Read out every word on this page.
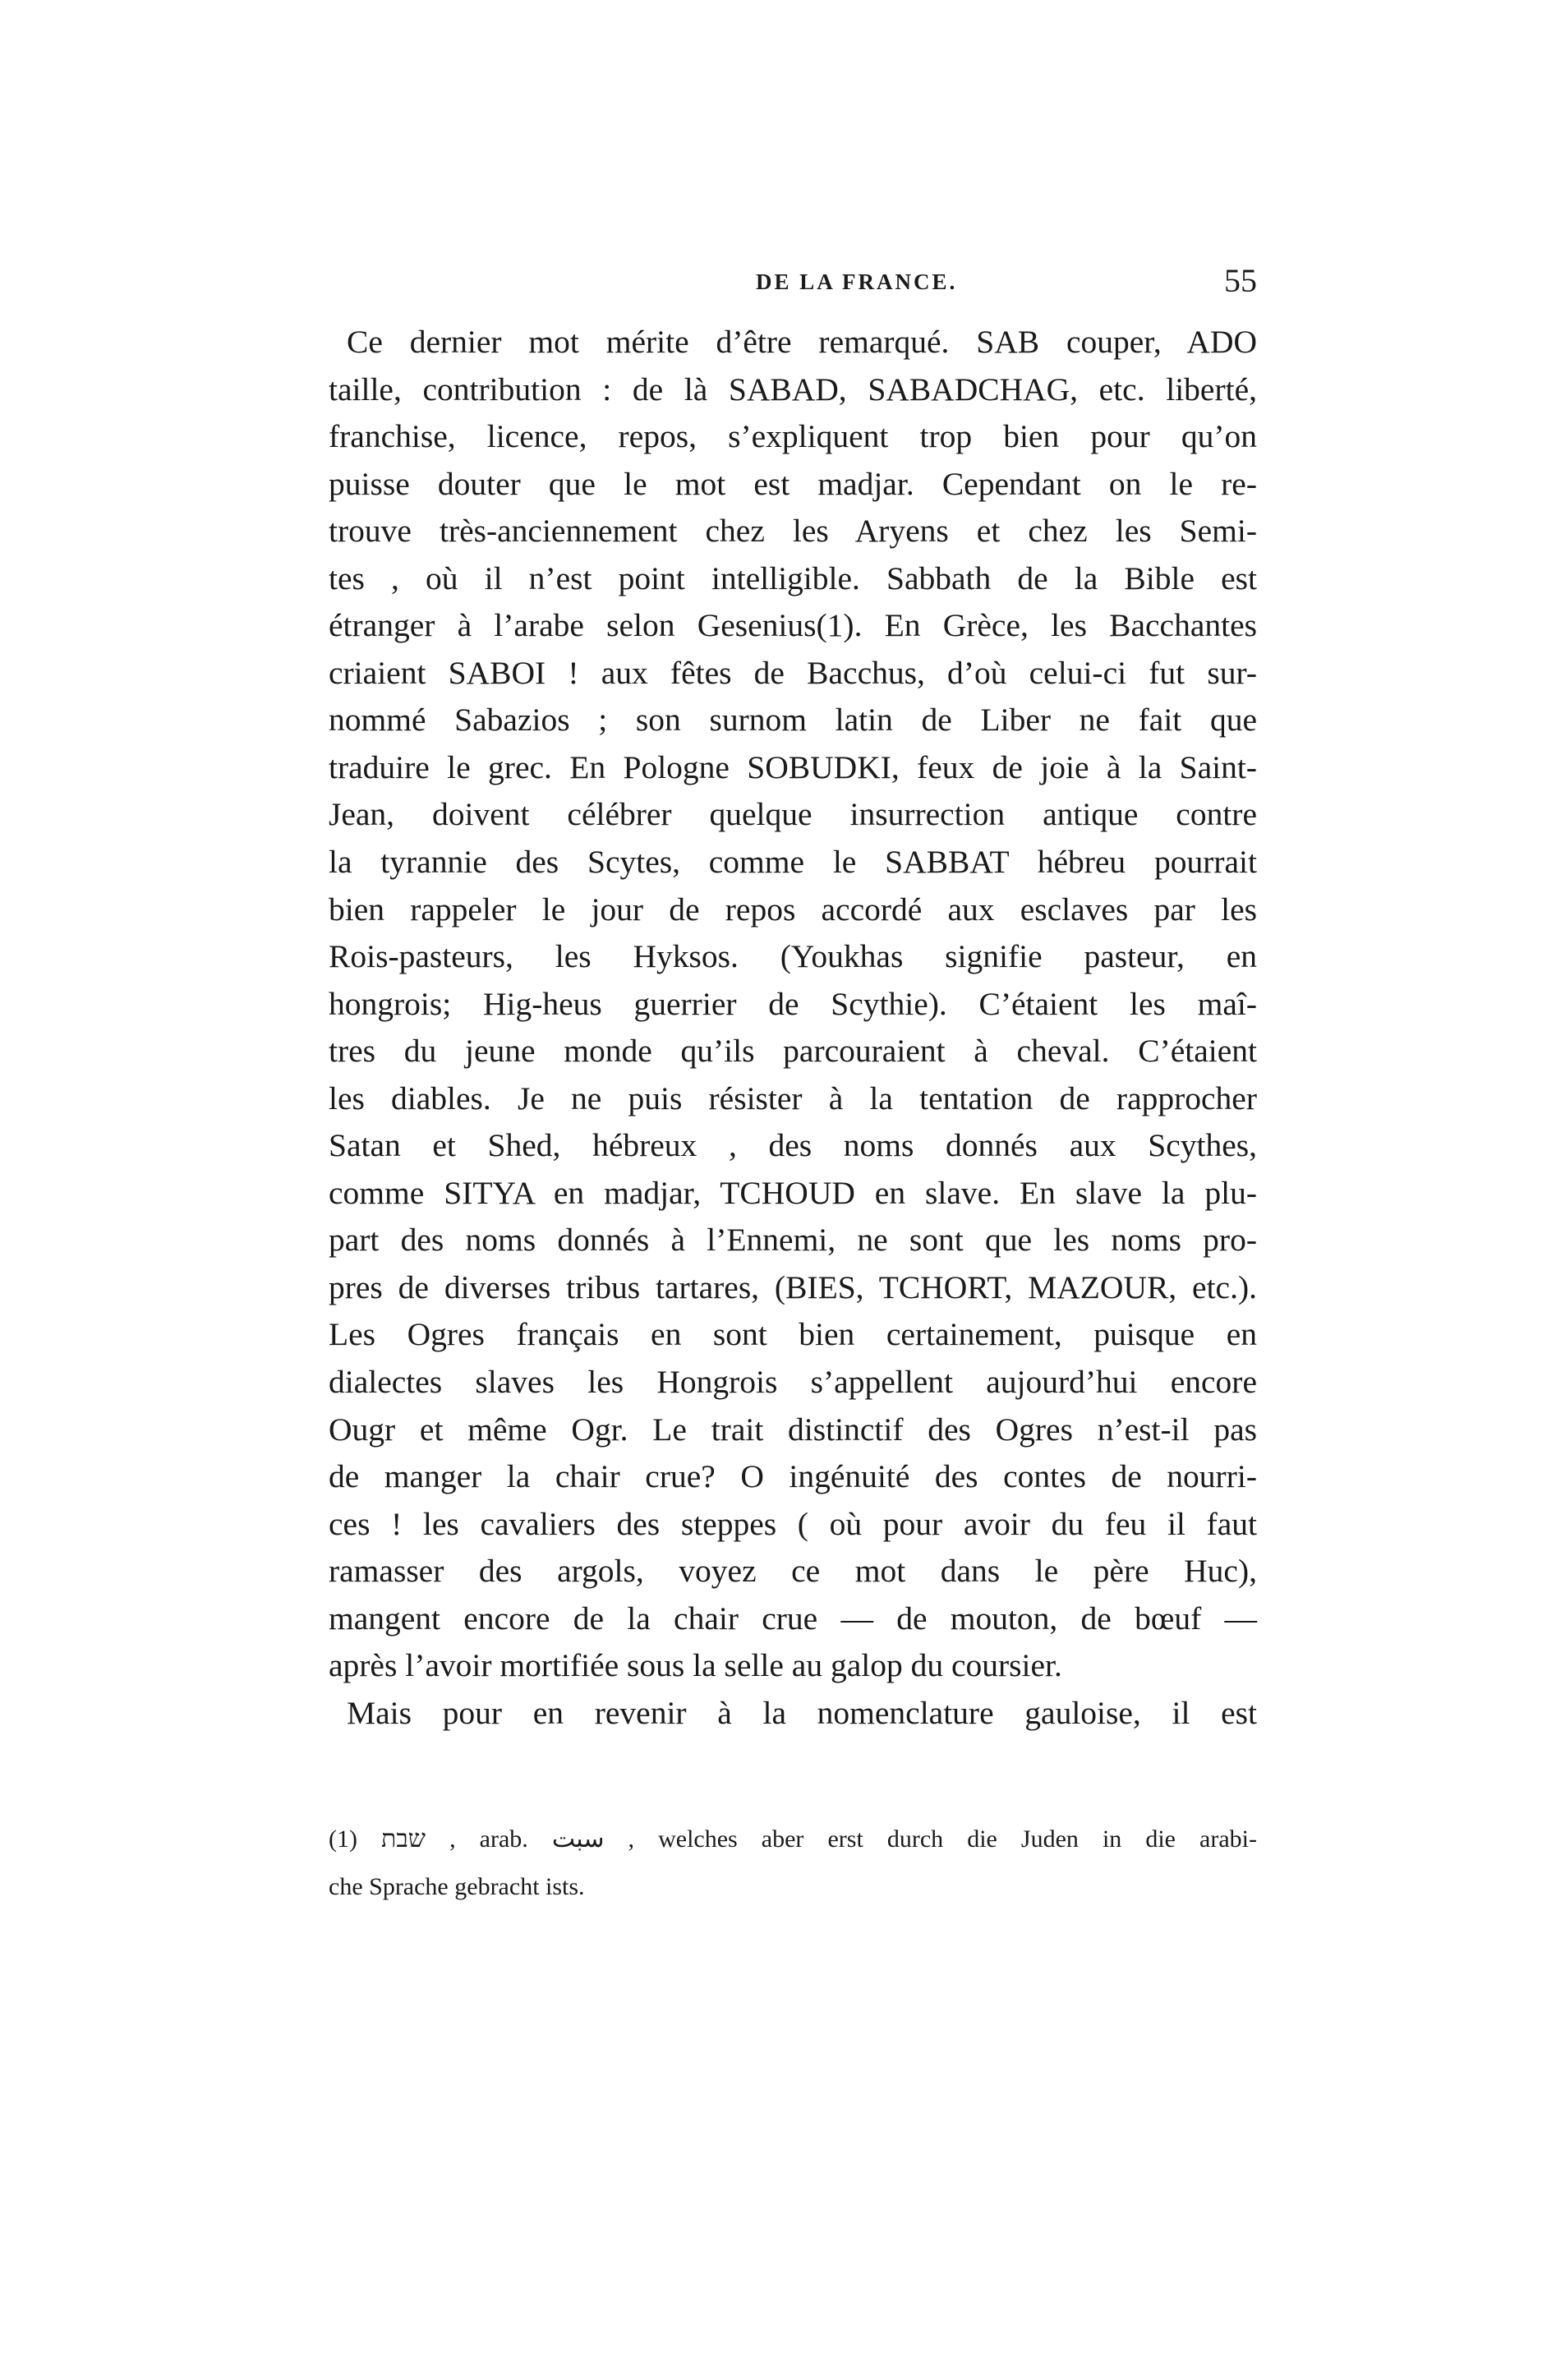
DE LA FRANCE.	55
Ce dernier mot mérite d’être remarqué. SAB couper, ADO
taille, contribution : de là SABAD, SABADCHAG, etc. liberté,
franchise, licence, repos, s’expliquent trop bien pour qu’on
puisse douter que le mot est madjar. Cependant on le re-
trouve très-anciennement chez les Aryens et chez les Semi-
tes , où il n’est point intelligible. Sabbath de la Bible est
étranger à l’arabe selon Gesenius(1). En Grèce, les Bacchantes
criaient SABOI ! aux fêtes de Bacchus, d’où celui-ci fut sur-
nommé Sabazios ; son surnom latin de Liber ne fait que
traduire le grec. En Pologne SOBUDKI, feux de joie à la Saint-
Jean, doivent célébrer quelque insurrection antique contre
la tyrannie des Scytes, comme le SABBAT hébreu pourrait
bien rappeler le jour de repos accordé aux esclaves par les
Rois-pasteurs, les Hyksos. (Youkhas signifie pasteur, en
hongrois; Hig-heus guerrier de Scythie). C’étaient les maî-
tres du jeune monde qu’ils parcouraient à cheval. C’étaient
les diables. Je ne puis résister à la tentation de rapprocher
Satan et Shed, hébreux , des noms donnés aux Scythes,
comme SITYA en madjar, TCHOUD en slave. En slave la plu-
part des noms donnés à l’Ennemi, ne sont que les noms pro-
pres de diverses tribus tartares, (BIES, TCHORT, MAZOUR, etc.).
Les Ogres français en sont bien certainement, puisque en
dialectes slaves les Hongrois s’appellent aujourd’hui encore
Ougr et même Ogr. Le trait distinctif des Ogres n’est-il pas
de manger la chair crue? O ingénuité des contes de nourri-
ces ! les cavaliers des steppes ( où pour avoir du feu il faut
ramasser des argols, voyez ce mot dans le père Huc),
mangent encore de la chair crue — de mouton, de bœuf —
après l’avoir mortifiée sous la selle au galop du coursier.
Mais pour en revenir à la nomenclature gauloise, il est
(1) שבת , arab. سبت , welches aber erst durch die Juden in die arabi-
che Sprache gebracht ists.
